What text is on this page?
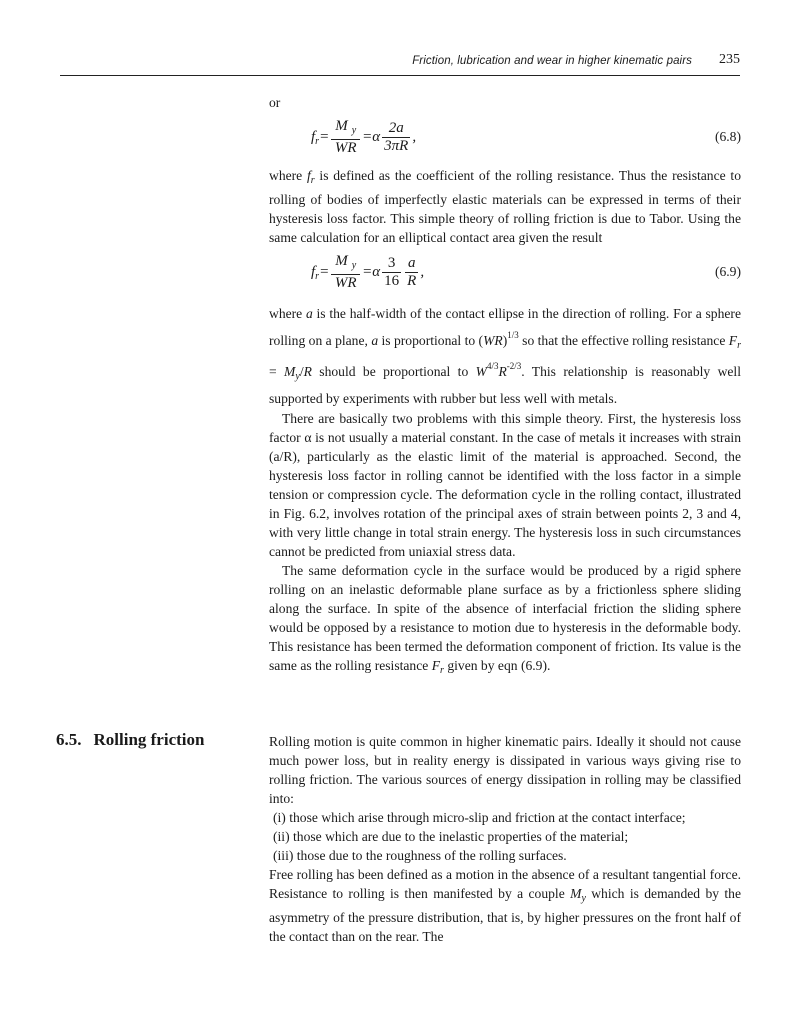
Friction, lubrication and wear in higher kinematic pairs 235

or

$f_r= \frac{M _y}{WR} =\alpha \frac{2a}{3\pi R}$ ,	(6.8)

where $f_r$ is defined as the coefficient of the rolling resistance. Thus the resistance to rolling of bodies of imperfectly elastic materials can be expressed in terms of their hysteresis loss factor. This simple theory of rolling friction is due to Tabor. Using the same calculation for an elliptical contact area given the result

$f_r= \frac{M _y}{WR} =\alpha \frac{3}{16} \frac{a}{R}$ ,	(6.9)

where a is the half-width of the contact ellipse in the direction of rolling. For a sphere rolling on a plane, a is proportional to (WR)$^{1/3}$ so that the effective rolling resistance $F_r = M_y/R$ should be proportional to $W^{4/3}R^{-2/3}$. This relationship is reasonably well supported by experiments with rubber but less well with metals.

There are basically two problems with this simple theory. First, the hysteresis loss factor α is not usually a material constant. In the case of metals it increases with strain (a/R), particularly as the elastic limit of the material is approached. Second, the hysteresis loss factor in rolling cannot be identified with the loss factor in a simple tension or compression cycle. The deformation cycle in the rolling contact, illustrated in Fig. 6.2, involves rotation of the principal axes of strain between points 2, 3 and 4, with very little change in total strain energy. The hysteresis loss in such circumstances cannot be predicted from uniaxial stress data.

The same deformation cycle in the surface would be produced by a rigid sphere rolling on an inelastic deformable plane surface as by a frictionless sphere sliding along the surface. In spite of the absence of interfacial friction the sliding sphere would be opposed by a resistance to motion due to hysteresis in the deformable body. This resistance has been termed the deformation component of friction. Its value is the same as the rolling resistance $F_r$ given by eqn (6.9).

6.5. Rolling friction	Rolling motion is quite common in higher kinematic pairs. Ideally it should not cause much power loss, but in reality energy is dissipated in various ways giving rise to rolling friction. The various sources of energy dissipation in rolling may be classified into:

(i) those which arise through micro-slip and friction at the contact interface;

(ii) those which are due to the inelastic properties of the material;

(iii) those due to the roughness of the rolling surfaces.

Free rolling has been defined as a motion in the absence of a resultant tangential force. Resistance to rolling is then manifested by a couple $M_y$ which is demanded by the asymmetry of the pressure distribution, that is, by higher pressures on the front half of the contact than on the rear. The
